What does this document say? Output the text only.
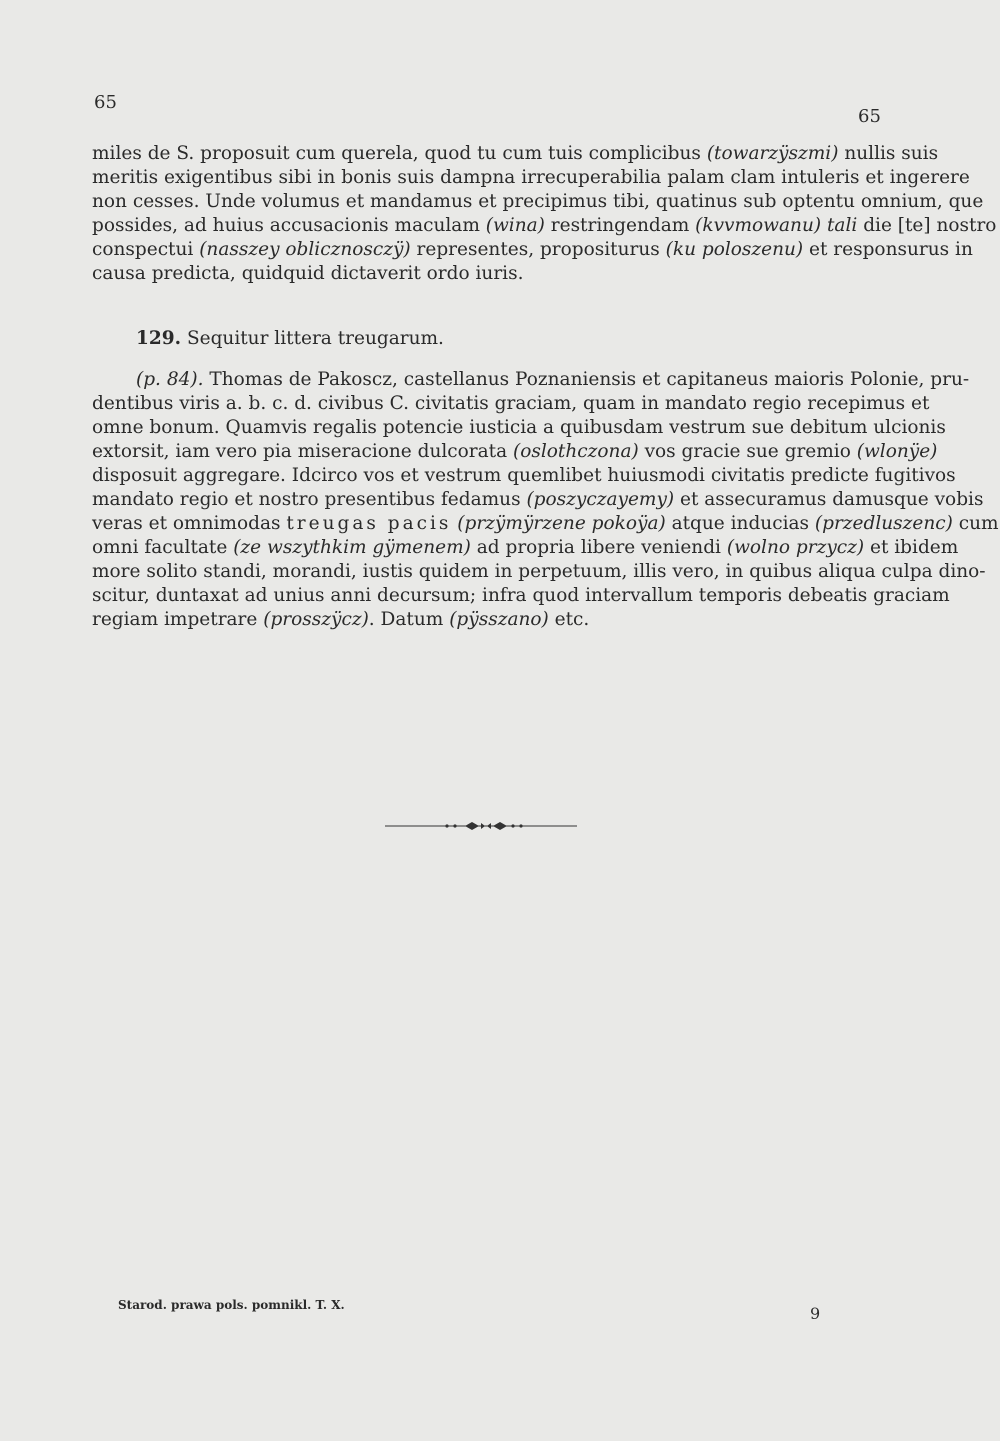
65
65
miles de S. proposuit cum querela, quod tu cum tuis complicibus (towarzÿszmi) nullis suis
meritis exigentibus sibi in bonis suis dampna irrecuperabilia palam clam intuleris et ingerere
non cesses. Unde volumus et mandamus et precipimus tibi, quatinus sub optentu omnium, que
possides, ad huius accusacionis maculam (wina) restringendam (kvvmowanu) tali die [te] nostro
conspectui (nasszey oblicznosczÿ) representes, propositurus (ku poloszenu) et responsurus in
causa predicta, quidquid dictaverit ordo iuris.
129. Sequitur littera treugarum.
(p. 84). Thomas de Pakoscz, castellanus Poznaniensis et capitaneus maioris Polonie, pru-
dentibus viris a. b. c. d. civibus C. civitatis graciam, quam in mandato regio recepimus et
omne bonum. Quamvis regalis potencie iusticia a quibusdam vestrum sue debitum ulcionis
extorsit, iam vero pia miseracione dulcorata (oslothczona) vos gracie sue gremio (wlonÿe)
disposuit aggregare. Idcirco vos et vestrum quemlibet huiusmodi civitatis predicte fugitivos
mandato regio et nostro presentibus fedamus (poszyczayemy) et assecuramus damusque vobis
veras et omnimodas treugas pacis (przÿmÿrzene pokoÿa) atque inducias (przedluszenc) cum
omni facultate (ze wszythkim gÿmenem) ad propria libere veniendi (wolno przycz) et ibidem
more solito standi, morandi, iustis quidem in perpetuum, illis vero, in quibus aliqua culpa dino-
scitur, duntaxat ad unius anni decursum; infra quod intervallum temporis debeatis graciam
regiam impetrare (prosszÿcz). Datum (pÿsszano) etc.
Starod. prawa pols. pomnikl. T. X.	9
